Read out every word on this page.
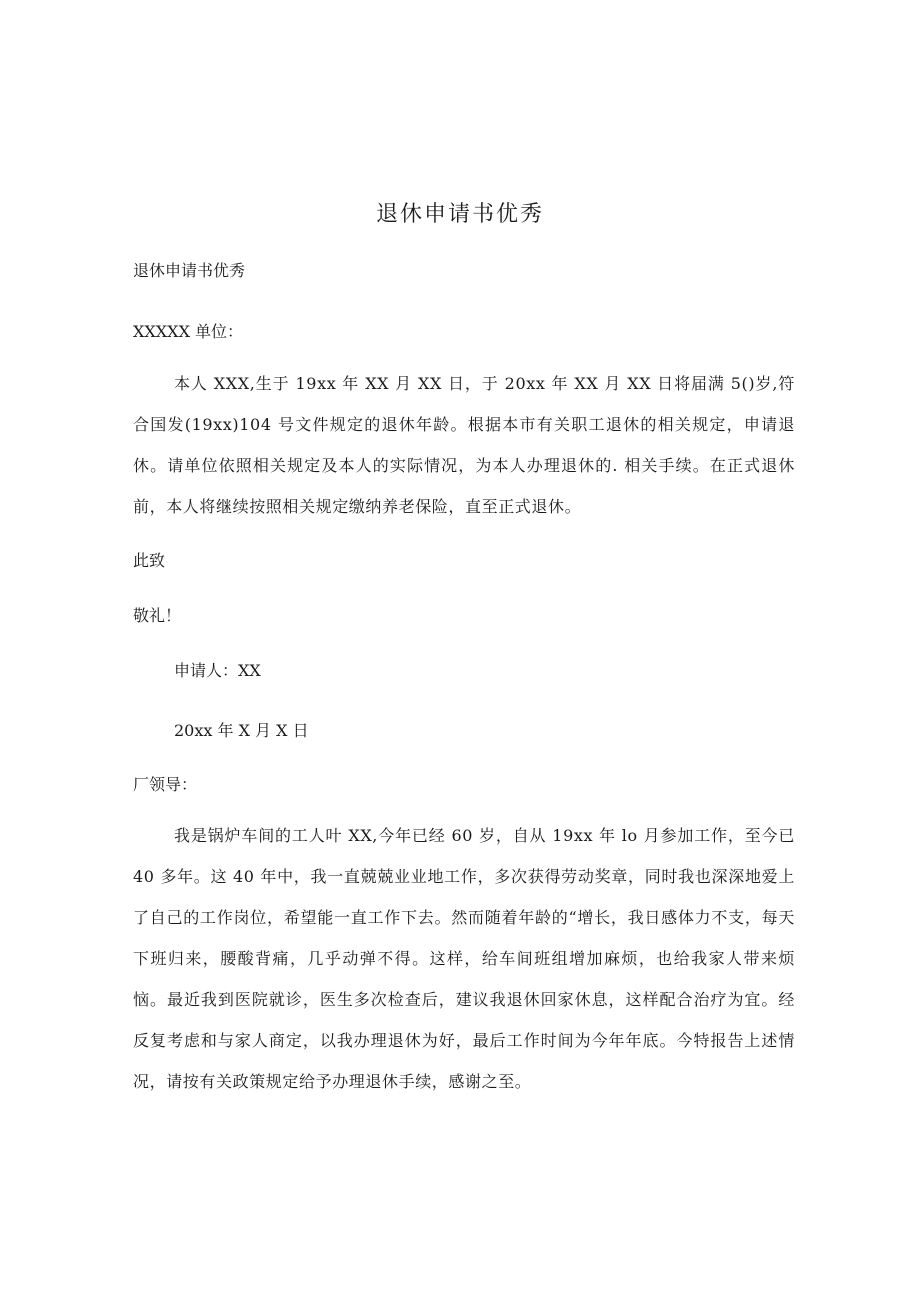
退休申请书优秀

退休申请书优秀

XXXXX 单位：

本人 XXX,生于 19xx 年 XX 月 XX 日，于 20xx 年 XX 月 XX 日将届满 5()岁,符合国发(19xx)104 号文件规定的退休年龄。根据本市有关职工退休的相关规定，申请退休。请单位依照相关规定及本人的实际情况，为本人办理退休的. 相关手续。在正式退休前，本人将继续按照相关规定缴纳养老保险，直至正式退休。

此致

敬礼！

申请人：XX

20xx 年 X 月 X 日

厂领导：

我是锅炉车间的工人叶 XX,今年已经 60 岁，自从 19xx 年 lo 月参加工作，至今已 40 多年。这 40 年中，我一直兢兢业业地工作，多次获得劳动奖章，同时我也深深地爱上了自己的工作岗位，希望能一直工作下去。然而随着年龄的“增长，我日感体力不支，每天下班归来，腰酸背痛，几乎动弹不得。这样，给车间班组增加麻烦，也给我家人带来烦恼。最近我到医院就诊，医生多次检查后，建议我退休回家休息，这样配合治疗为宜。经反复考虑和与家人商定，以我办理退休为好，最后工作时间为今年年底。今特报告上述情况，请按有关政策规定给予办理退休手续，感谢之至。
